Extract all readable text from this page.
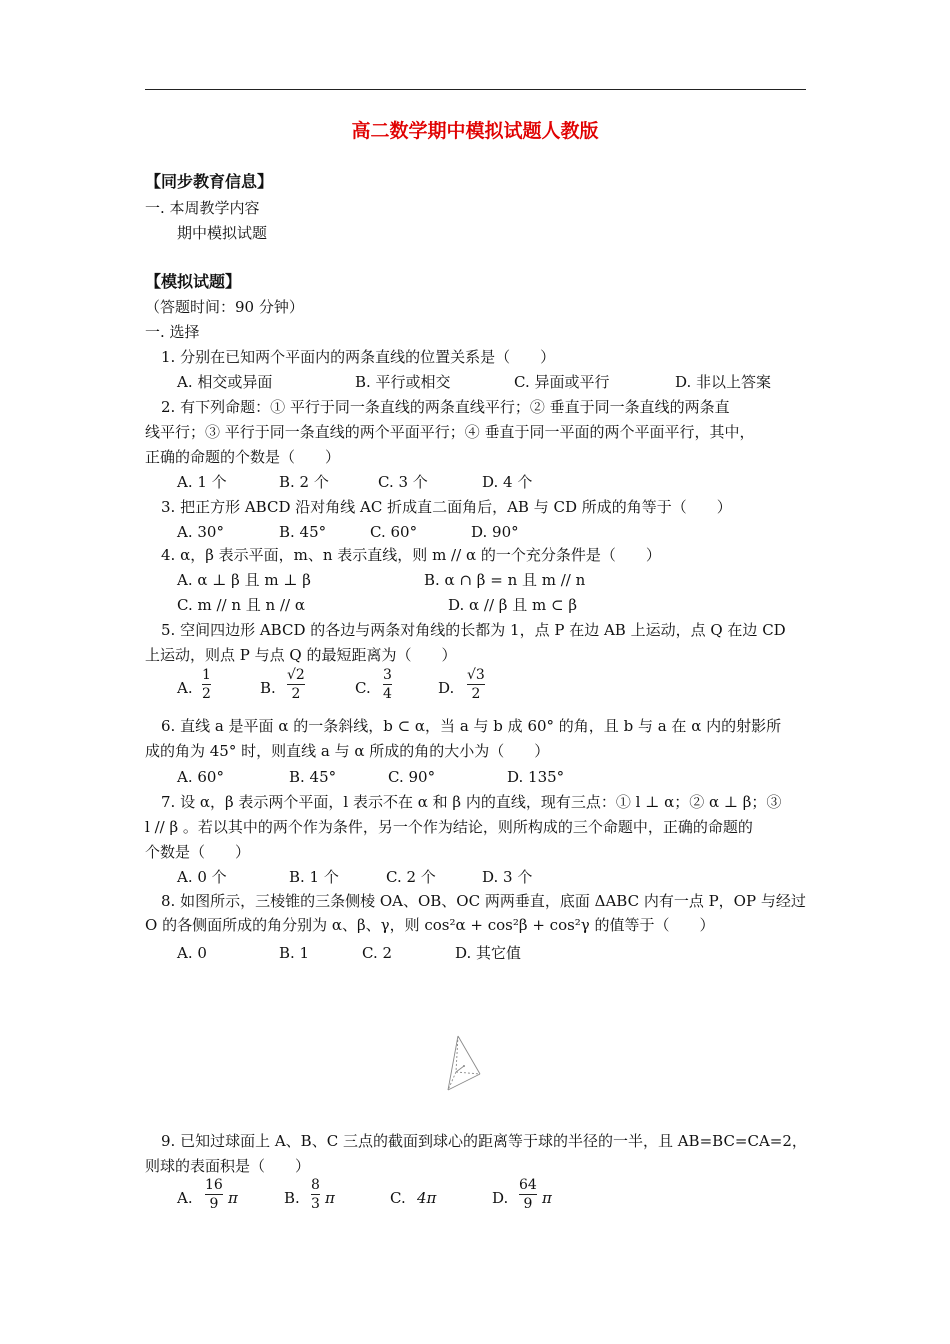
高二数学期中模拟试题人教版
【同步教育信息】
一. 本周教学内容
期中模拟试题
【模拟试题】
（答题时间：90 分钟）
一. 选择
1. 分别在已知两个平面内的两条直线的位置关系是（　　）
A. 相交或异面	B. 平行或相交	C. 异面或平行	D. 非以上答案
2. 有下列命题：① 平行于同一条直线的两条直线平行；② 垂直于同一条直线的两条直
线平行；③ 平行于同一条直线的两个平面平行；④ 垂直于同一平面的两个平面平行，其中，
正确的命题的个数是（　　）
A. 1 个	B. 2 个	C. 3 个	D. 4 个
3. 把正方形 ABCD 沿对角线 AC 折成直二面角后，AB 与 CD 所成的角等于（　　）
A. 30°	B. 45°	C. 60°	D. 90°
4. α，β 表示平面，m、n 表示直线，则 m // α 的一个充分条件是（　　）
A. α ⊥ β 且 m ⊥ β	B. α ∩ β = n 且 m // n
C. m // n 且 n // α	D. α // β 且 m ⊂ β
5. 空间四边形 ABCD 的各边与两条对角线的长都为 1，点 P 在边 AB 上运动，点 Q 在边 CD
上运动，则点 P 与点 Q 的最短距离为（　　）
A.
1
2	B.
√2
2	C.
3
4	D.
√3
2
6. 直线 a 是平面 α 的一条斜线，b ⊂ α，当 a 与 b 成 60° 的角，且 b 与 a 在 α 内的射影所
成的角为 45° 时，则直线 a 与 α 所成的角的大小为（　　）
A. 60°	B. 45°	C. 90°	D. 135°
7. 设 α，β 表示两个平面，l 表示不在 α 和 β 内的直线，现有三点：① l ⊥ α；② α ⊥ β；③
l // β 。若以其中的两个作为条件，另一个作为结论，则所构成的三个命题中，正确的命题的
个数是（　　）
A. 0 个	B. 1 个	C. 2 个	D. 3 个
8. 如图所示，三棱锥的三条侧棱 OA、OB、OC 两两垂直，底面 ΔABC 内有一点 P，OP 与经过
O 的各侧面所成的角分别为 α、β、γ，则 cos²α + cos²β + cos²γ 的值等于（　　）
A. 0	B. 1	C. 2	D. 其它值
9. 已知过球面上 A、B、C 三点的截面到球心的距离等于球的半径的一半，且 AB=BC=CA=2，
则球的表面积是（　　）
A.
16
9 π	B.
8
3 π	C. 4π	D.
64
9 π
